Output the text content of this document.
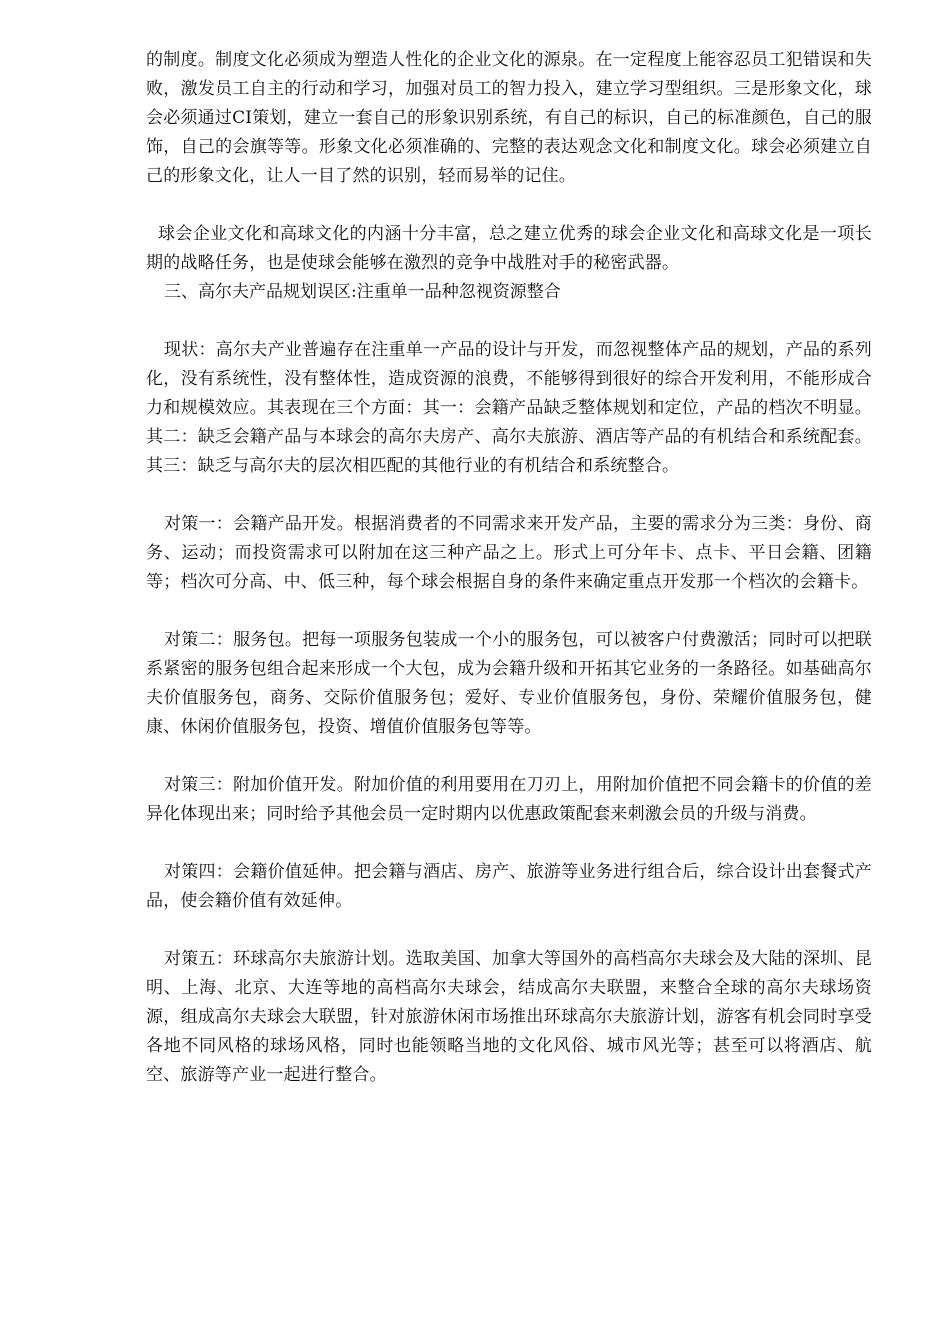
的制度。制度文化必须成为塑造人性化的企业文化的源泉。在一定程度上能容忍员工犯错误和失败，激发员工自主的行动和学习，加强对员工的智力投入，建立学习型组织。三是形象文化，球会必须通过CI策划，建立一套自己的形象识别系统，有自己的标识，自己的标准颜色，自己的服饰，自己的会旗等等。形象文化必须准确的、完整的表达观念文化和制度文化。球会必须建立自己的形象文化，让人一目了然的识别，轻而易举的记住。

球会企业文化和高球文化的内涵十分丰富，总之建立优秀的球会企业文化和高球文化是一项长期的战略任务，也是使球会能够在激烈的竞争中战胜对手的秘密武器。

三、高尔夫产品规划误区:注重单一品种忽视资源整合

现状：高尔夫产业普遍存在注重单一产品的设计与开发，而忽视整体产品的规划，产品的系列化，没有系统性，没有整体性，造成资源的浪费，不能够得到很好的综合开发利用，不能形成合力和规模效应。其表现在三个方面：其一：会籍产品缺乏整体规划和定位，产品的档次不明显。其二：缺乏会籍产品与本球会的高尔夫房产、高尔夫旅游、酒店等产品的有机结合和系统配套。其三：缺乏与高尔夫的层次相匹配的其他行业的有机结合和系统整合。

对策一：会籍产品开发。根据消费者的不同需求来开发产品，主要的需求分为三类：身份、商务、运动；而投资需求可以附加在这三种产品之上。形式上可分年卡、点卡、平日会籍、团籍等；档次可分高、中、低三种，每个球会根据自身的条件来确定重点开发那一个档次的会籍卡。

对策二：服务包。把每一项服务包装成一个小的服务包，可以被客户付费激活；同时可以把联系紧密的服务包组合起来形成一个大包，成为会籍升级和开拓其它业务的一条路径。如基础高尔夫价值服务包，商务、交际价值服务包；爱好、专业价值服务包，身份、荣耀价值服务包，健康、休闲价值服务包，投资、增值价值服务包等等。

对策三：附加价值开发。附加价值的利用要用在刀刃上，用附加价值把不同会籍卡的价值的差异化体现出来；同时给予其他会员一定时期内以优惠政策配套来刺激会员的升级与消费。

对策四：会籍价值延伸。把会籍与酒店、房产、旅游等业务进行组合后，综合设计出套餐式产品，使会籍价值有效延伸。

对策五：环球高尔夫旅游计划。选取美国、加拿大等国外的高档高尔夫球会及大陆的深圳、昆明、上海、北京、大连等地的高档高尔夫球会，结成高尔夫联盟，来整合全球的高尔夫球场资源，组成高尔夫球会大联盟，针对旅游休闲市场推出环球高尔夫旅游计划，游客有机会同时享受各地不同风格的球场风格，同时也能领略当地的文化风俗、城市风光等；甚至可以将酒店、航空、旅游等产业一起进行整合。
